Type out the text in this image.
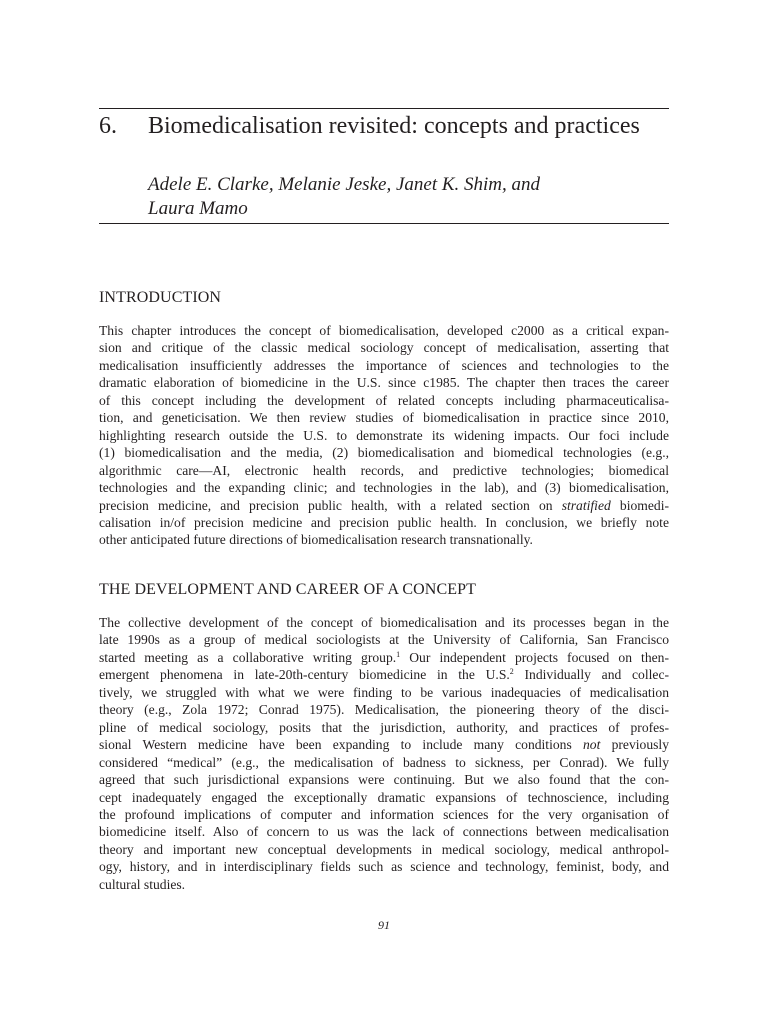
6. Biomedicalisation revisited: concepts and practices
Adele E. Clarke, Melanie Jeske, Janet K. Shim, and
Laura Mamo
INTRODUCTION
This chapter introduces the concept of biomedicalisation, developed c2000 as a critical expan-
sion and critique of the classic medical sociology concept of medicalisation, asserting that
medicalisation insufficiently addresses the importance of sciences and technologies to the
dramatic elaboration of biomedicine in the U.S. since c1985. The chapter then traces the career
of this concept including the development of related concepts including pharmaceuticalisa-
tion, and geneticisation. We then review studies of biomedicalisation in practice since 2010,
highlighting research outside the U.S. to demonstrate its widening impacts. Our foci include
(1) biomedicalisation and the media, (2) biomedicalisation and biomedical technologies (e.g.,
algorithmic care—AI, electronic health records, and predictive technologies; biomedical
technologies and the expanding clinic; and technologies in the lab), and (3) biomedicalisation,
precision medicine, and precision public health, with a related section on stratified biomedi-
calisation in/of precision medicine and precision public health. In conclusion, we briefly note
other anticipated future directions of biomedicalisation research transnationally.
THE DEVELOPMENT AND CAREER OF A CONCEPT
The collective development of the concept of biomedicalisation and its processes began in the
late 1990s as a group of medical sociologists at the University of California, San Francisco
started meeting as a collaborative writing group.$^1$ Our independent projects focused on then-
emergent phenomena in late-20th-century biomedicine in the U.S.$^2$ Individually and collec-
tively, we struggled with what we were finding to be various inadequacies of medicalisation
theory (e.g., Zola 1972; Conrad 1975). Medicalisation, the pioneering theory of the disci-
pline of medical sociology, posits that the jurisdiction, authority, and practices of profes-
sional Western medicine have been expanding to include many conditions not previously
considered “medical” (e.g., the medicalisation of badness to sickness, per Conrad). We fully
agreed that such jurisdictional expansions were continuing. But we also found that the con-
cept inadequately engaged the exceptionally dramatic expansions of technoscience, including
the profound implications of computer and information sciences for the very organisation of
biomedicine itself. Also of concern to us was the lack of connections between medicalisation
theory and important new conceptual developments in medical sociology, medical anthropol-
ogy, history, and in interdisciplinary fields such as science and technology, feminist, body, and
cultural studies.
91
